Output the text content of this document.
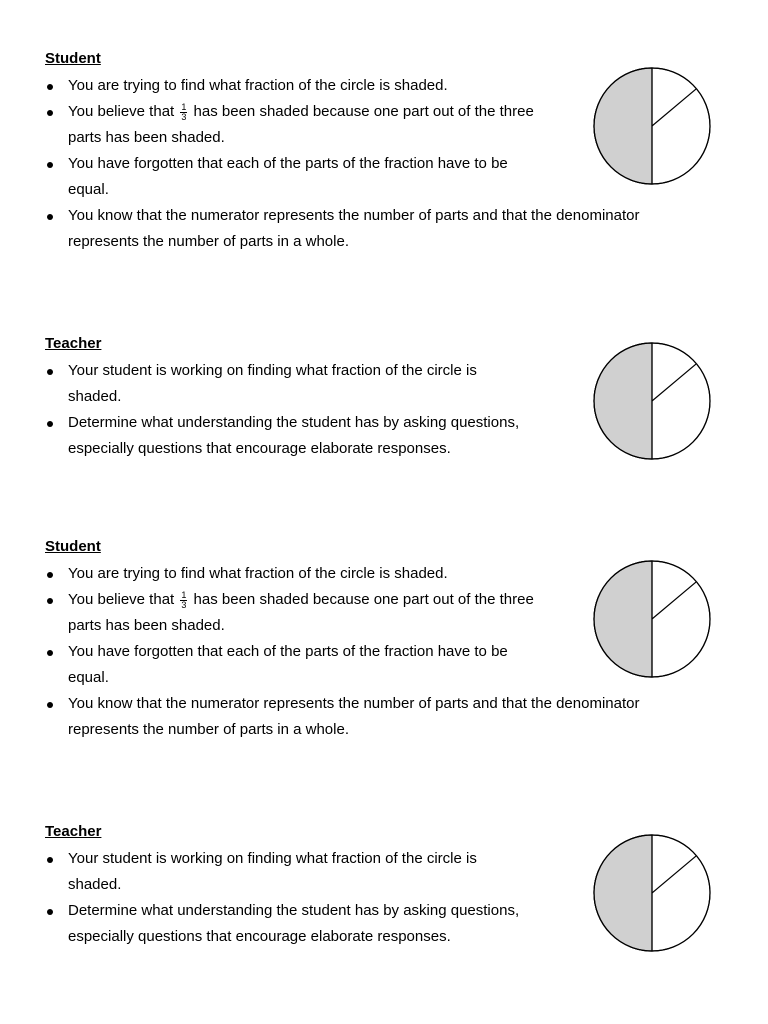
Student
You are trying to find what fraction of the circle is shaded.
You believe that $\frac{1}{3}$ has been shaded because one part out of the three
parts has been shaded.
You have forgotten that each of the parts of the fraction have to be
equal.
You know that the numerator represents the number of parts and that the denominator
represents the number of parts in a whole.
Teacher
Your student is working on finding what fraction of the circle is
shaded.
Determine what understanding the student has by asking questions,
especially questions that encourage elaborate responses.
Student
You are trying to find what fraction of the circle is shaded.
You believe that $\frac{1}{3}$ has been shaded because one part out of the three
parts has been shaded.
You have forgotten that each of the parts of the fraction have to be
equal.
You know that the numerator represents the number of parts and that the denominator
represents the number of parts in a whole.
Teacher
Your student is working on finding what fraction of the circle is
shaded.
Determine what understanding the student has by asking questions,
especially questions that encourage elaborate responses.
